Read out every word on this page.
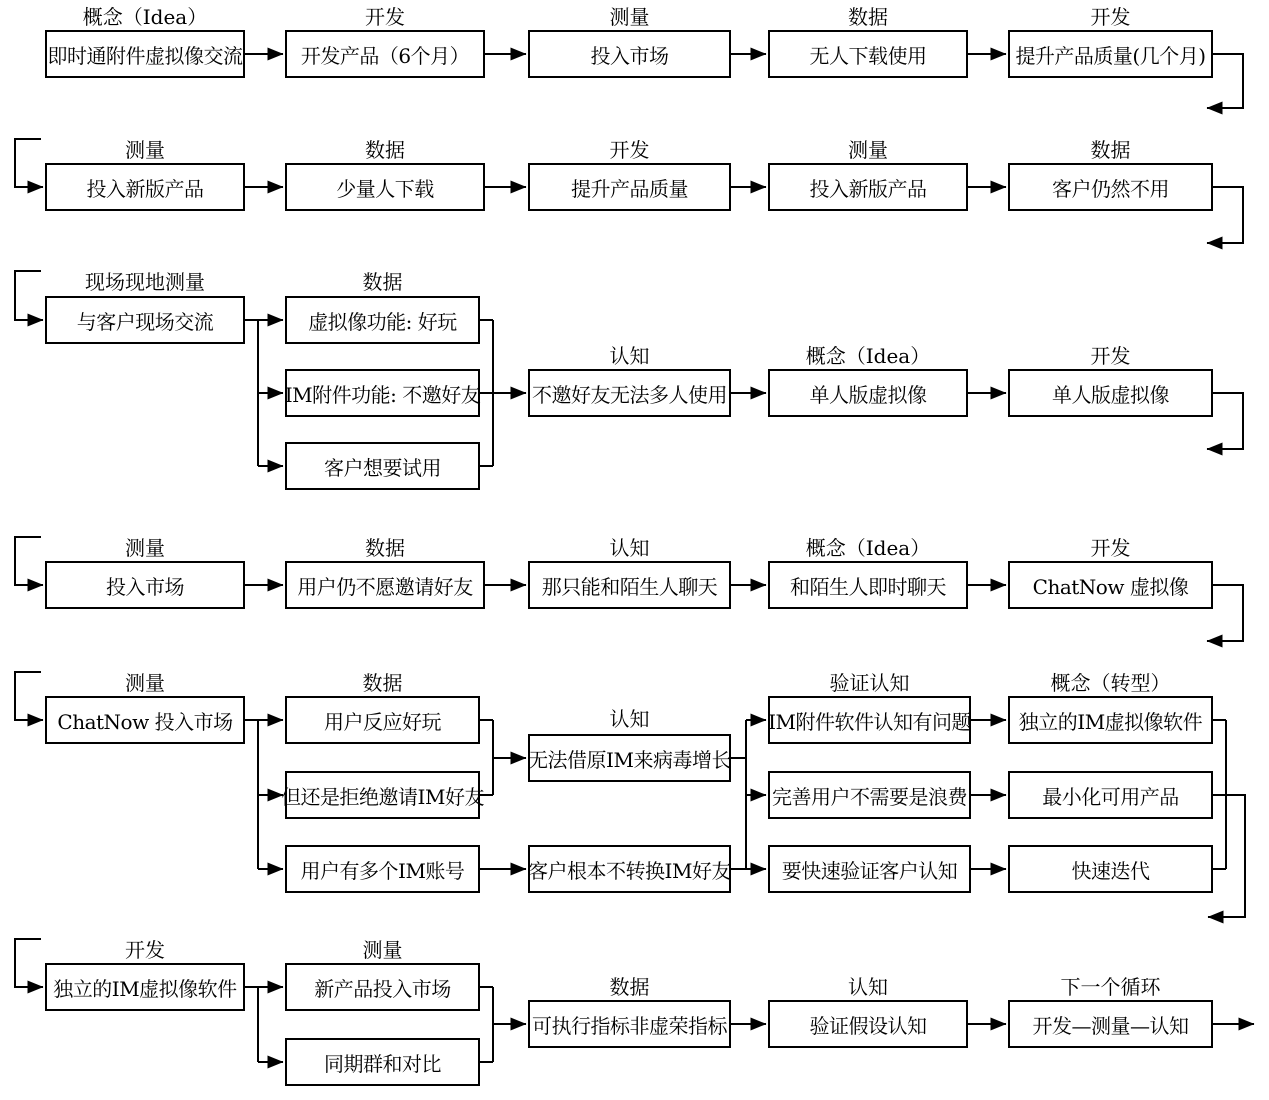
概念（Idea）
即时通附件虚拟像交流
开发
开发产品（6个月）
测量
投入市场
数据
无人下载使用
开发
提升产品质量(几个月)
测量
投入新版产品
数据
少量人下载
开发
提升产品质量
测量
投入新版产品
数据
客户仍然不用
现场现地测量
与客户现场交流
数据
虚拟像功能: 好玩
IM附件功能: 不邀好友
客户想要试用
认知
不邀好友无法多人使用
概念（Idea）
单人版虚拟像
开发
单人版虚拟像
测量
投入市场
数据
用户仍不愿邀请好友
认知
那只能和陌生人聊天
概念（Idea）
和陌生人即时聊天
开发
ChatNow 虚拟像
测量
ChatNow 投入市场
数据
用户反应好玩
但还是拒绝邀请IM好友
用户有多个IM账号
认知
无法借原IM来病毒增长
客户根本不转换IM好友
验证认知
IM附件软件认知有问题
完善用户不需要是浪费
要快速验证客户认知
概念（转型）
独立的IM虚拟像软件
最小化可用产品
快速迭代
开发
独立的IM虚拟像软件
测量
新产品投入市场
同期群和对比
数据
可执行指标非虚荣指标
认知
验证假设认知
下一个循环
开发—测量—认知
